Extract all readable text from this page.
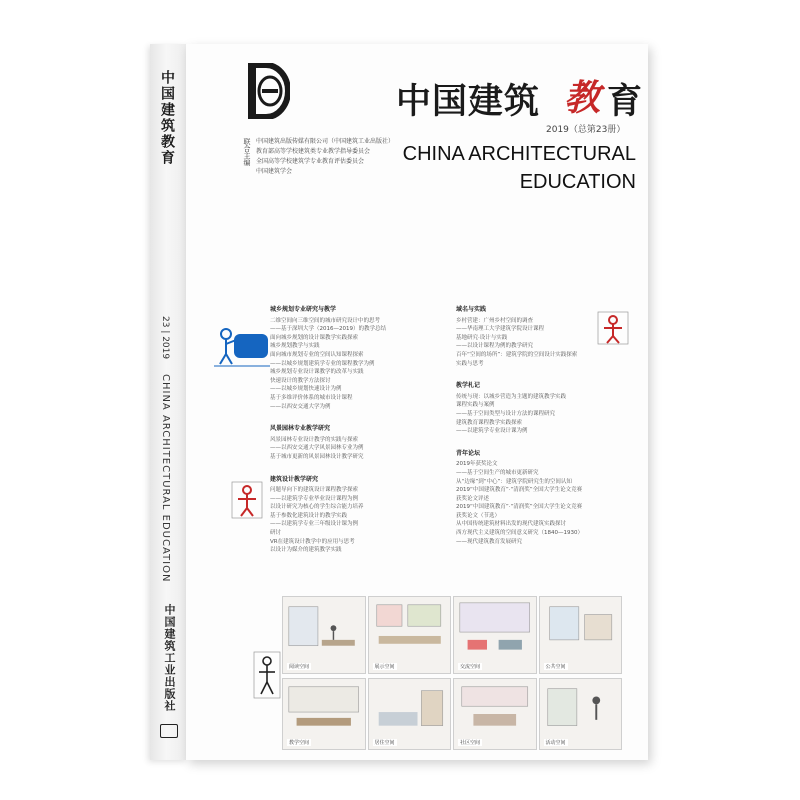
中国建筑教育
23 | 2019
CHINA ARCHITECTURAL EDUCATION
中国建筑工业出版社
中国建筑 教 育
2019（总第23册）
CHINA ARCHITECTURAL
EDUCATION
联合主编 中国建筑出版传媒有限公司（中国建筑工业出版社）
教育部高等学校建筑类专业教学指导委员会
全国高等学校建筑学专业教育评估委员会
中国建筑学会
城乡规划专业研究与教学
二维空间向三维空间的城市研究设计中的思考
——基于深圳大学（2016—2019）的教学总结
面向城乡规划的设计课教学实践探索
城乡规划教学与实践
面向城市规划专业的空间认知课程探索
——以城乡规划建筑学专业的课程教学为例
城乡规划专业设计课教学的改革与实践
快速设计的教学方法探讨
——以城乡规划快速设计为例
基于多维评价体系的城市设计课程
——以西安交通大学为例
风景园林专业教学研究
风景园林专业设计教学的实践与探索
——以西安交通大学风景园林专业为例
基于城市更新的风景园林设计教学研究
建筑设计教学研究
问题导向下的建筑设计课程教学探索
——以建筑学专业毕业设计课程为例
以设计研究为核心的学生综合能力培养
基于参数化建筑设计的教学实践
——以建筑学专业三年级设计课为例
研讨
VR在建筑设计教学中的应用与思考
以设计为媒介的建筑教学实践
域名与实践
乡村营建：广州乡村空间的调查
——华南理工大学建筑学院设计课程
基地研究·设计与实践
——以设计课程为例的教学研究
百年“空间的场所”：建筑学院的空间设计实践探索
实践与思考
教学札记
传统与现：以城乡营造为主题的建筑教学实践
课程实践与案例
——基于空间类型与设计方法的课程研究
建筑教育课程教学实践探索
——以建筑学专业设计课为例
青年论坛
2019年获奖论文
——基于空间生产的城市更新研究
从“边缘”到“中心”：建筑学院研究生的空间认知
2019“中国建筑教育”·“清润奖”全国大学生论文竞赛
获奖论文评述
2019“中国建筑教育”·“清润奖”全国大学生论文竞赛
获奖论文（节选）
从中国传统建筑材料出发的现代建筑实践探讨
西方现代主义建筑的空间意义研究（1840—1930）
——现代建筑教育发展研究
阅读空间	展示空间	交流空间	公共空间
教学空间	居住空间	社区空间	活动空间
